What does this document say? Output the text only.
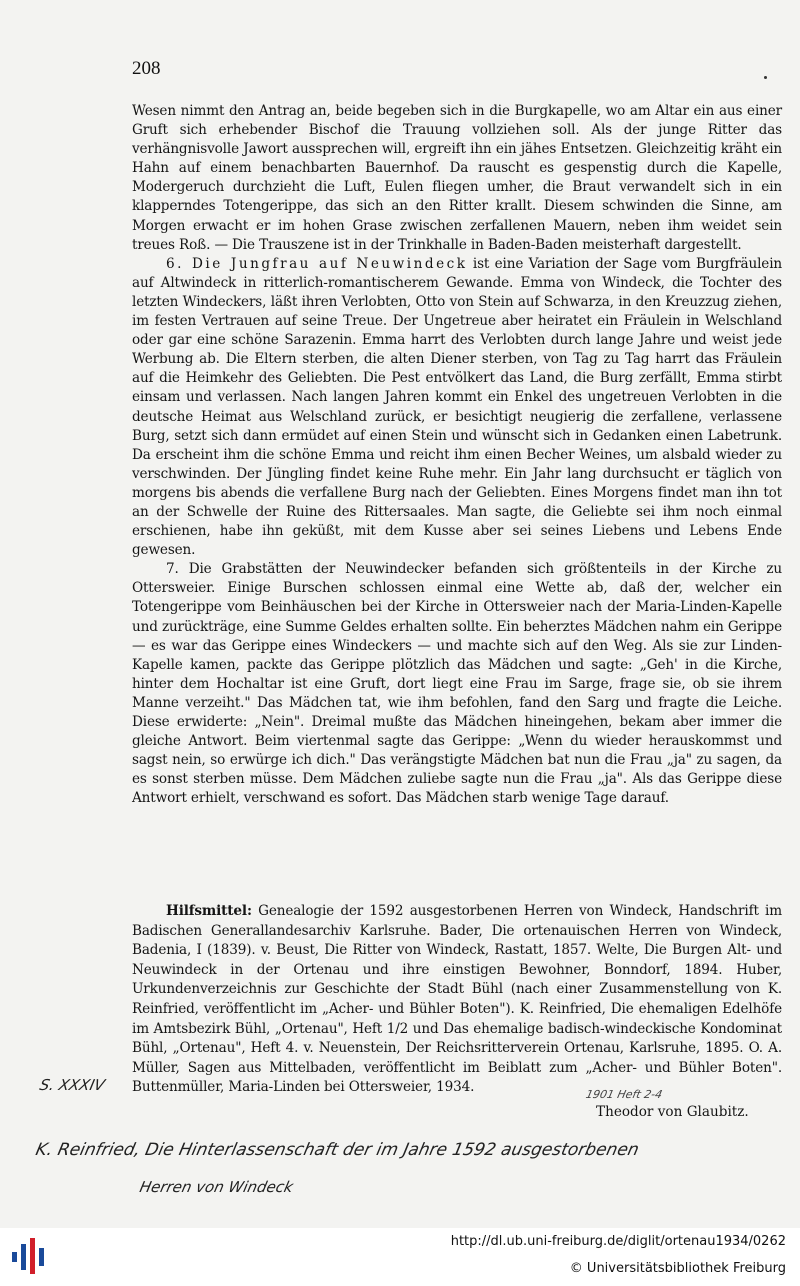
208

Wesen nimmt den Antrag an, beide begeben sich in die Burgkapelle, wo am Altar ein aus einer Gruft sich erhebender Bischof die Trauung vollziehen soll. Als der junge Ritter das verhängnisvolle Jawort aussprechen will, ergreift ihn ein jähes Entsetzen. Gleichzeitig kräht ein Hahn auf einem benachbarten Bauernhof. Da rauscht es gespenstig durch die Kapelle, Modergeruch durchzieht die Luft, Eulen fliegen umher, die Braut verwandelt sich in ein klapperndes Totengerippe, das sich an den Ritter krallt. Diesem schwinden die Sinne, am Morgen erwacht er im hohen Grase zwischen zerfallenen Mauern, neben ihm weidet sein treues Roß. — Die Trauszene ist in der Trinkhalle in Baden-Baden meisterhaft dargestellt.

6. Die Jungfrau auf Neuwindeck ist eine Variation der Sage vom Burgfräulein auf Altwindeck in ritterlich-romantischerem Gewande. Emma von Windeck, die Tochter des letzten Windeckers, läßt ihren Verlobten, Otto von Stein auf Schwarza, in den Kreuzzug ziehen, im festen Vertrauen auf seine Treue. Der Ungetreue aber heiratet ein Fräulein in Welschland oder gar eine schöne Sarazenin. Emma harrt des Verlobten durch lange Jahre und weist jede Werbung ab. Die Eltern sterben, die alten Diener sterben, von Tag zu Tag harrt das Fräulein auf die Heimkehr des Geliebten. Die Pest entvölkert das Land, die Burg zerfällt, Emma stirbt einsam und verlassen. Nach langen Jahren kommt ein Enkel des ungetreuen Verlobten in die deutsche Heimat aus Welschland zurück, er besichtigt neugierig die zerfallene, verlassene Burg, setzt sich dann ermüdet auf einen Stein und wünscht sich in Gedanken einen Labetrunk. Da erscheint ihm die schöne Emma und reicht ihm einen Becher Weines, um alsbald wieder zu verschwinden. Der Jüngling findet keine Ruhe mehr. Ein Jahr lang durchsucht er täglich von morgens bis abends die verfallene Burg nach der Geliebten. Eines Morgens findet man ihn tot an der Schwelle der Ruine des Rittersaales. Man sagte, die Geliebte sei ihm noch einmal erschienen, habe ihn geküßt, mit dem Kusse aber sei seines Liebens und Lebens Ende gewesen.

7. Die Grabstätten der Neuwindecker befanden sich größtenteils in der Kirche zu Ottersweier. Einige Burschen schlossen einmal eine Wette ab, daß der, welcher ein Totengerippe vom Beinhäuschen bei der Kirche in Ottersweier nach der Maria-Linden-Kapelle und zurückträge, eine Summe Geldes erhalten sollte. Ein beherztes Mädchen nahm ein Gerippe — es war das Gerippe eines Windeckers — und machte sich auf den Weg. Als sie zur Linden-Kapelle kamen, packte das Gerippe plötzlich das Mädchen und sagte: „Geh' in die Kirche, hinter dem Hochaltar ist eine Gruft, dort liegt eine Frau im Sarge, frage sie, ob sie ihrem Manne verzeiht." Das Mädchen tat, wie ihm befohlen, fand den Sarg und fragte die Leiche. Diese erwiderte: „Nein". Dreimal mußte das Mädchen hineingehen, bekam aber immer die gleiche Antwort. Beim viertenmal sagte das Gerippe: „Wenn du wieder herauskommst und sagst nein, so erwürge ich dich." Das verängstigte Mädchen bat nun die Frau „ja" zu sagen, da es sonst sterben müsse. Dem Mädchen zuliebe sagte nun die Frau „ja". Als das Gerippe diese Antwort erhielt, verschwand es sofort. Das Mädchen starb wenige Tage darauf.

Hilfsmittel: Genealogie der 1592 ausgestorbenen Herren von Windeck, Handschrift im Badischen Generallandesarchiv Karlsruhe. Bader, Die ortenauischen Herren von Windeck, Badenia, I (1839). v. Beust, Die Ritter von Windeck, Rastatt, 1857. Welte, Die Burgen Alt- und Neuwindeck in der Ortenau und ihre einstigen Bewohner, Bonndorf, 1894. Huber, Urkundenverzeichnis zur Geschichte der Stadt Bühl (nach einer Zusammenstellung von K. Reinfried, veröffentlicht im „Acher- und Bühler Boten"). K. Reinfried, Die ehemaligen Edelhöfe im Amtsbezirk Bühl, „Ortenau", Heft 1/2 und Das ehemalige badisch-windeckische Kondominat Bühl, „Ortenau", Heft 4. v. Neuenstein, Der Reichsritterverein Ortenau, Karlsruhe, 1895. O. A. Müller, Sagen aus Mittelbaden, veröffentlicht im Beiblatt zum „Acher- und Bühler Boten". Buttenmüller, Maria-Linden bei Ottersweier, 1934.	1901 Heft 2-4
Theodor von Glaubitz.
S. XXXIV
K. Reinfried, Die Hinterlassenschaft der im Jahre 1592 ausgestorbenen
Herren von Windeck
http://dl.ub.uni-freiburg.de/diglit/ortenau1934/0262
© Universitätsbibliothek Freiburg
